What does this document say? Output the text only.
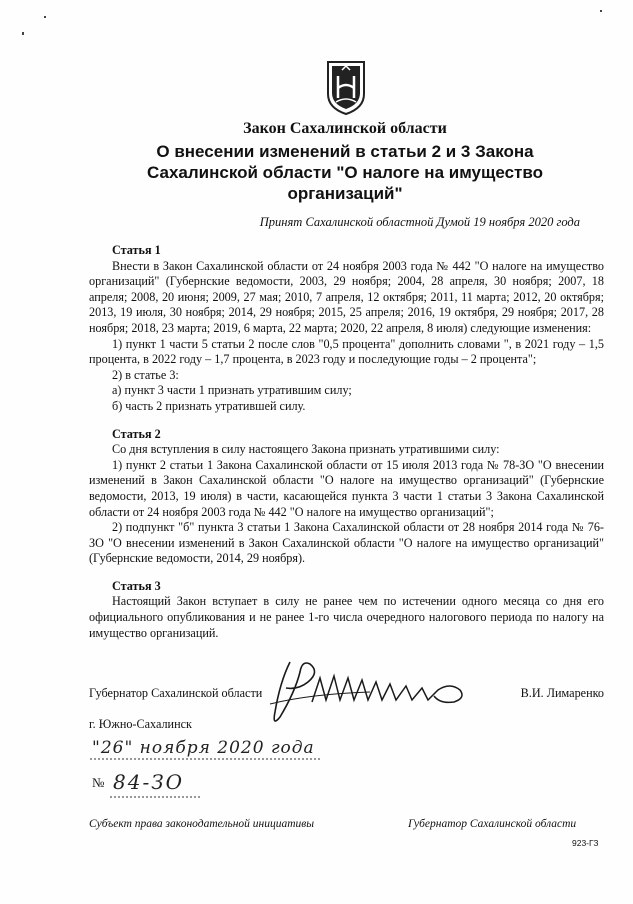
Закон Сахалинской области
О внесении изменений в статьи 2 и 3 Закона
Сахалинской области "О налоге на имущество
организаций"
Принят Сахалинской областной Думой 19 ноября 2020 года
Статья 1

Внести в Закон Сахалинской области от 24 ноября 2003 года № 442 "О налоге на имущество организаций" (Губернские ведомости, 2003, 29 ноября; 2004, 28 апреля, 30 ноября; 2007, 18 апреля; 2008, 20 июня; 2009, 27 мая; 2010, 7 апреля, 12 октября; 2011, 11 марта; 2012, 20 октября; 2013, 19 июля, 30 ноября; 2014, 29 ноября; 2015, 25 апреля; 2016, 19 октября, 29 ноября; 2017, 28 ноября; 2018, 23 марта; 2019, 6 марта, 22 марта; 2020, 22 апреля, 8 июля) следующие изменения:

1) пункт 1 части 5 статьи 2 после слов "0,5 процента" дополнить словами ", в 2021 году – 1,5 процента, в 2022 году – 1,7 процента, в 2023 году и последующие годы – 2 процента";

2) в статье 3:

а) пункт 3 части 1 признать утратившим силу;

б) часть 2 признать утратившей силу.

Статья 2

Со дня вступления в силу настоящего Закона признать утратившими силу:

1) пункт 2 статьи 1 Закона Сахалинской области от 15 июля 2013 года № 78-ЗО "О внесении изменений в Закон Сахалинской области "О налоге на имущество организаций" (Губернские ведомости, 2013, 19 июля) в части, касающейся пункта 3 части 1 статьи 3 Закона Сахалинской области от 24 ноября 2003 года № 442 "О налоге на имущество организаций";

2) подпункт "б" пункта 3 статьи 1 Закона Сахалинской области от 28 ноября 2014 года № 76-ЗО "О внесении изменений в Закон Сахалинской области "О налоге на имущество организаций" (Губернские ведомости, 2014, 29 ноября).

Статья 3

Настоящий Закон вступает в силу не ранее чем по истечении одного месяца со дня его официального опубликования и не ранее 1-го числа очередного налогового периода по налогу на имущество организаций.

Губернатор Сахалинской области	В.И. Лимаренко
г. Южно-Сахалинск
"26" ноября 2020 года
№ 84-ЗО
Субъект права законодательной инициативы	Губернатор Сахалинской области
923-ГЗ
